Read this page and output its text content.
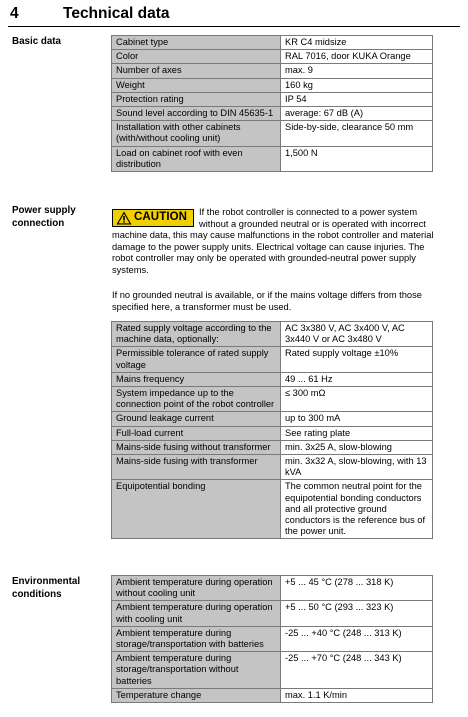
4	Technical data
Basic data	Cabinet type	KR C4 midsize
Color	RAL 7016, door KUKA Orange
Number of axes	max. 9
Weight	160 kg
Protection rating	IP 54
Sound level according to DIN 45635-1	average: 67 dB (A)
Installation with other cabinets (with/without cooling unit)	Side-by-side, clearance 50 mm
Load on cabinet roof with even distribution	1,500 N
Power supply
connection
CAUTION If the robot controller is connected to a power system without a grounded neutral or is operated with incorrect machine data, this may cause malfunctions in the robot controller and material damage to the power supply units. Electrical voltage can cause injuries. The robot controller may only be operated with grounded-neutral power supply systems.
If no grounded neutral is available, or if the mains voltage differs from those specified here, a transformer must be used.
Rated supply voltage according to the machine data, optionally:	AC 3x380 V, AC 3x400 V, AC 3x440 V or AC 3x480 V
Permissible tolerance of rated supply voltage	Rated supply voltage ±10%
Mains frequency	49 ... 61 Hz
System impedance up to the connection point of the robot controller	≤ 300 mΩ
Ground leakage current	up to 300 mA
Full-load current	See rating plate
Mains-side fusing without transformer	min. 3x25 A, slow-blowing
Mains-side fusing with transformer	min. 3x32 A, slow-blowing, with 13 kVA
Equipotential bonding	The common neutral point for the equipotential bonding conductors and all protective ground conductors is the reference bus of the power unit.
Environmental
conditions
Ambient temperature during operation without cooling unit	+5 ... 45 °C (278 ... 318 K)
Ambient temperature during operation with cooling unit	+5 ... 50 °C (293 ... 323 K)
Ambient temperature during storage/transportation with batteries	-25 ... +40 °C (248 ... 313 K)
Ambient temperature during storage/transportation without batteries	-25 ... +70 °C (248 ... 343 K)
Temperature change	max. 1.1 K/min
